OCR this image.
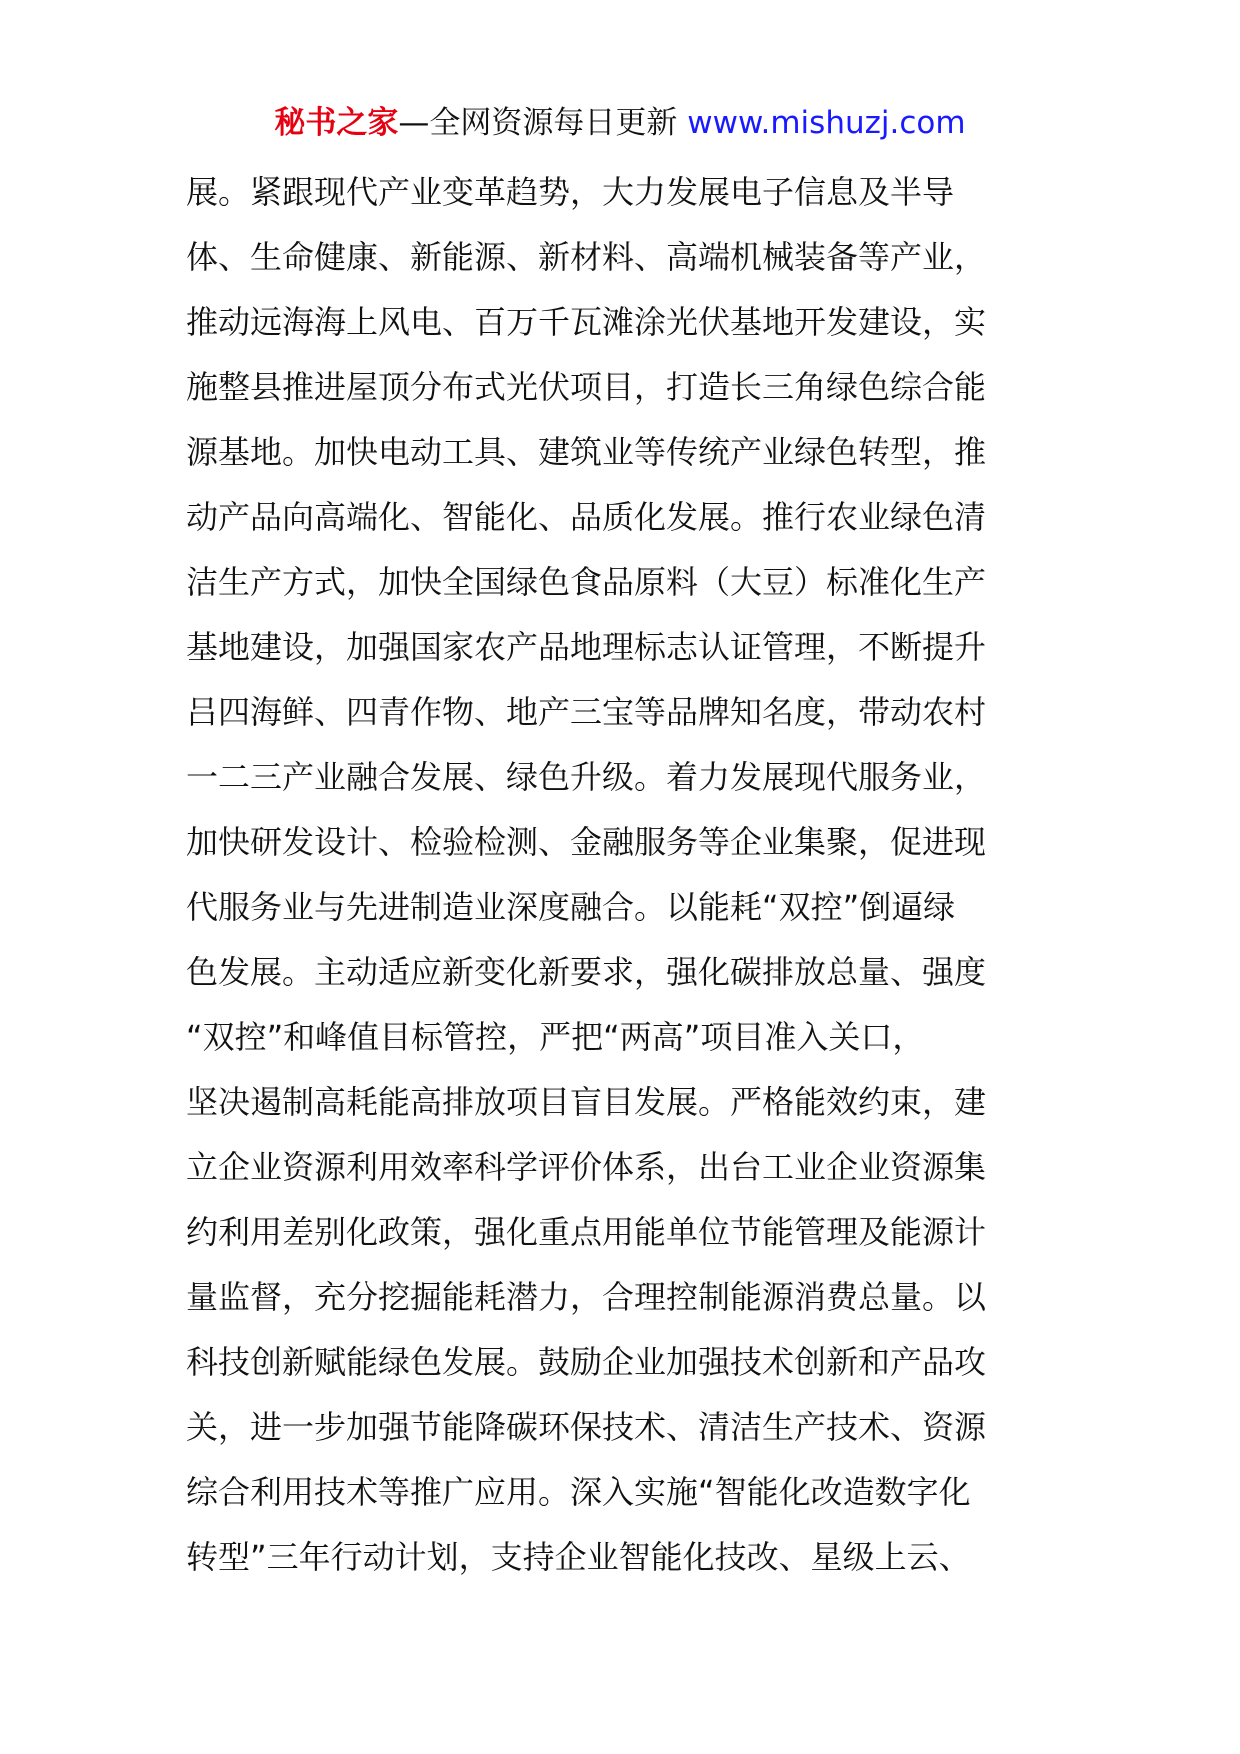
秘书之家—全网资源每日更新 www.mishuzj.com
展。紧跟现代产业变革趋势，大力发展电子信息及半导
体、生命健康、新能源、新材料、高端机械装备等产业，
推动远海海上风电、百万千瓦滩涂光伏基地开发建设，实
施整县推进屋顶分布式光伏项目，打造长三角绿色综合能
源基地。加快电动工具、建筑业等传统产业绿色转型，推
动产品向高端化、智能化、品质化发展。推行农业绿色清
洁生产方式，加快全国绿色食品原料（大豆）标准化生产
基地建设，加强国家农产品地理标志认证管理，不断提升
吕四海鲜、四青作物、地产三宝等品牌知名度，带动农村
一二三产业融合发展、绿色升级。着力发展现代服务业，
加快研发设计、检验检测、金融服务等企业集聚，促进现
代服务业与先进制造业深度融合。以能耗“双控”倒逼绿
色发展。主动适应新变化新要求，强化碳排放总量、强度
“双控”和峰值目标管控，严把“两高”项目准入关口，
坚决遏制高耗能高排放项目盲目发展。严格能效约束，建
立企业资源利用效率科学评价体系，出台工业企业资源集
约利用差别化政策，强化重点用能单位节能管理及能源计
量监督，充分挖掘能耗潜力，合理控制能源消费总量。以
科技创新赋能绿色发展。鼓励企业加强技术创新和产品攻
关，进一步加强节能降碳环保技术、清洁生产技术、资源
综合利用技术等推广应用。深入实施“智能化改造数字化
转型”三年行动计划，支持企业智能化技改、星级上云、
